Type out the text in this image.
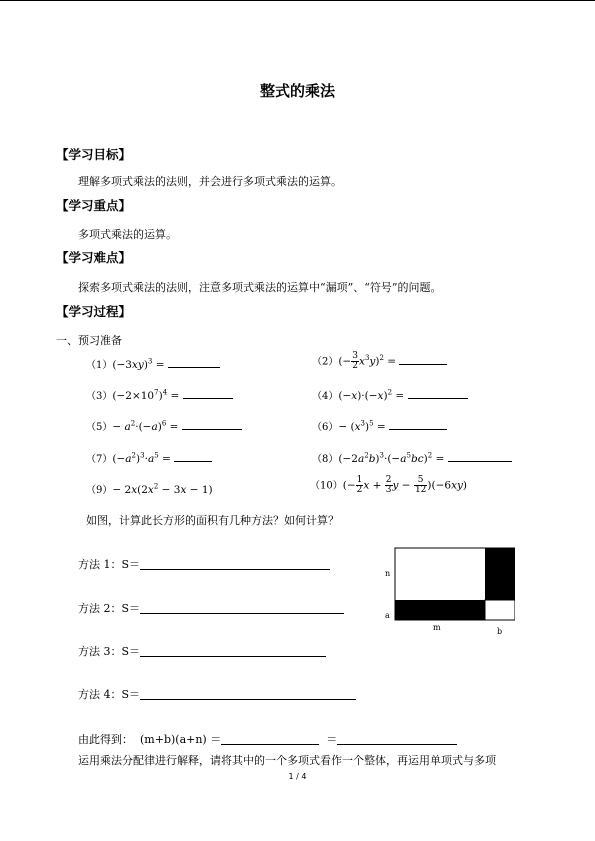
整式的乘法
【学习目标】
理解多项式乘法的法则，并会进行多项式乘法的运算。
【学习重点】
多项式乘法的运算。
【学习难点】
探索多项式乘法的法则，注意多项式乘法的运算中“漏项”、“符号”的问题。
【学习过程】
一、预习准备
$(1)(-3xy)^3$ =	$(2)(- \frac{3}{2} x^3y)^2$ =
$(3)(-2\times 10^7)^4$ =	$(4)(-x)\cdot(-x)^2$ =
$(5)- a^2\cdot(-a)^6$ =	$(6)- (x^3)^5$ =
$(7)(-a^2)^3\cdot a^5$ =	$(8)(-2a^2b)^3\cdot(-a^5bc)^2$ =
$(9)- 2x(2x^2 - 3x - 1)$	$(10)(- \frac{1}{2}$ $x + \frac{2}{3}$ $y - \frac{5}{12} )(-6xy)$
如图，计算此长方形的面积有几种方法？如何计算？
方法 1：S＝
方法 2：S＝
方法 3：S＝
方法 4：S＝
n
a
m	b
由此得到： (m+b)(a+n) ＝	＝
运用乘法分配律进行解释，请将其中的一个多项式看作一个整体，再运用单项式与多项
1 / 4
